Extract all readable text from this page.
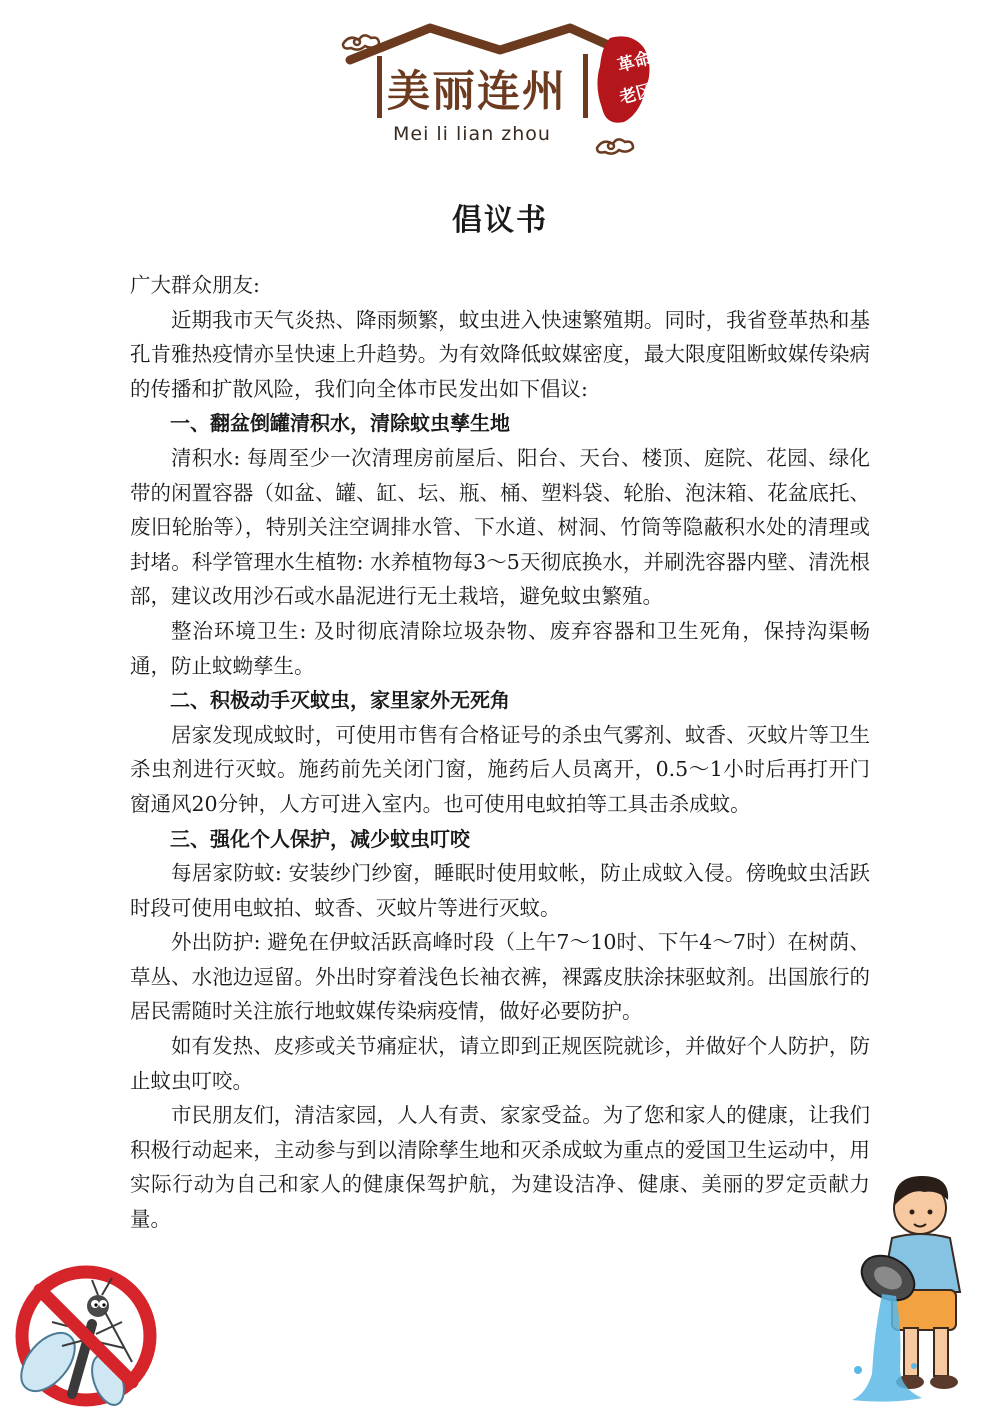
美丽连州
革命
老区
Mei li lian zhou
倡议书

广大群众朋友:

近期我市天气炎热、降雨频繁，蚊虫进入快速繁殖期。同时，我省登革热和基孔肯雅热疫情亦呈快速上升趋势。为有效降低蚊媒密度，最大限度阻断蚊媒传染病的传播和扩散风险，我们向全体市民发出如下倡议:

一、翻盆倒罐清积水，清除蚊虫孳生地

清积水: 每周至少一次清理房前屋后、阳台、天台、楼顶、庭院、花园、绿化带的闲置容器（如盆、罐、缸、坛、瓶、桶、塑料袋、轮胎、泡沫箱、花盆底托、废旧轮胎等），特别关注空调排水管、下水道、树洞、竹筒等隐蔽积水处的清理或封堵。科学管理水生植物: 水养植物每3～5天彻底换水，并刷洗容器内壁、清洗根部，建议改用沙石或水晶泥进行无土栽培，避免蚊虫繁殖。

整治环境卫生: 及时彻底清除垃圾杂物、废弃容器和卫生死角，保持沟渠畅通，防止蚊蚴孳生。

二、积极动手灭蚊虫，家里家外无死角

居家发现成蚊时，可使用市售有合格证号的杀虫气雾剂、蚊香、灭蚊片等卫生杀虫剂进行灭蚊。施药前先关闭门窗，施药后人员离开，0.5～1小时后再打开门窗通风20分钟，人方可进入室内。也可使用电蚊拍等工具击杀成蚊。

三、强化个人保护，减少蚊虫叮咬

每居家防蚊: 安装纱门纱窗，睡眠时使用蚊帐，防止成蚊入侵。傍晚蚊虫活跃时段可使用电蚊拍、蚊香、灭蚊片等进行灭蚊。

外出防护: 避免在伊蚊活跃高峰时段（上午7～10时、下午4～7时）在树荫、草丛、水池边逗留。外出时穿着浅色长袖衣裤，裸露皮肤涂抹驱蚊剂。出国旅行的居民需随时关注旅行地蚊媒传染病疫情，做好必要防护。

如有发热、皮疹或关节痛症状，请立即到正规医院就诊，并做好个人防护，防止蚊虫叮咬。

市民朋友们，清洁家园，人人有责、家家受益。为了您和家人的健康，让我们积极行动起来，主动参与到以清除孳生地和灭杀成蚊为重点的爱国卫生运动中，用实际行动为自己和家人的健康保驾护航，为建设洁净、健康、美丽的罗定贡献力量。
